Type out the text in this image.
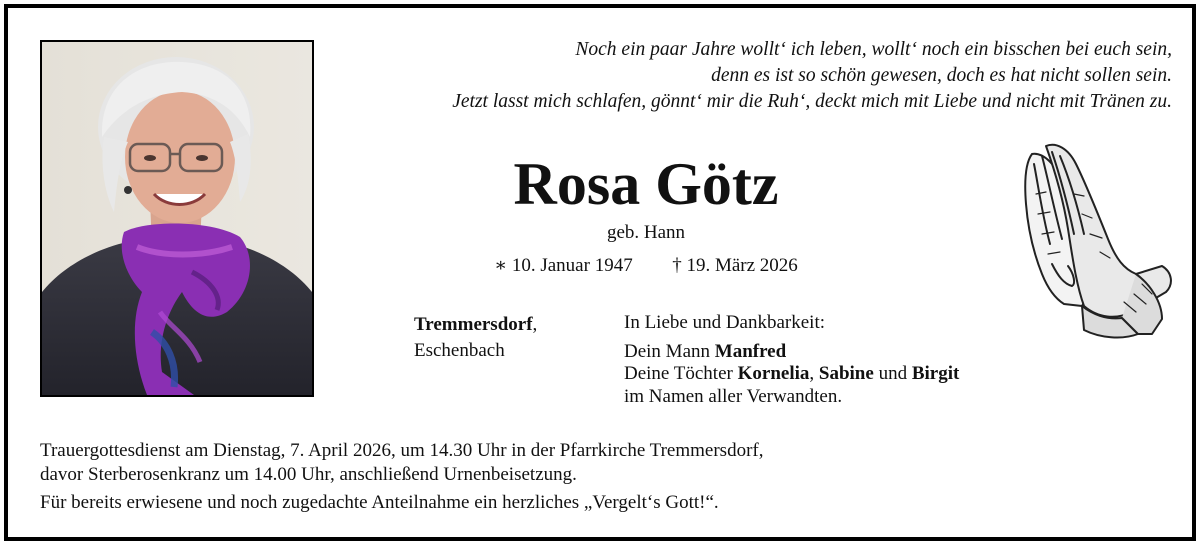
Noch ein paar Jahre wollt‘ ich leben, wollt‘ noch ein bisschen bei euch sein,
denn es ist so schön gewesen, doch es hat nicht sollen sein.
Jetzt lasst mich schlafen, gönnt‘ mir die Ruh‘, deckt mich mit Liebe und nicht mit Tränen zu.
Rosa Götz
geb. Hann
∗ 10. Januar 1947 † 19. März 2026
Tremmersdorf,
Eschenbach
In Liebe und Dankbarkeit:
Dein Mann Manfred
Deine Töchter Kornelia, Sabine und Birgit
im Namen aller Verwandten.
Trauergottesdienst am Dienstag, 7. April 2026, um 14.30 Uhr in der Pfarrkirche Tremmersdorf,
davor Sterberosenkranz um 14.00 Uhr, anschließend Urnenbeisetzung.
Für bereits erwiesene und noch zugedachte Anteilnahme ein herzliches „Vergelt‘s Gott!“.
